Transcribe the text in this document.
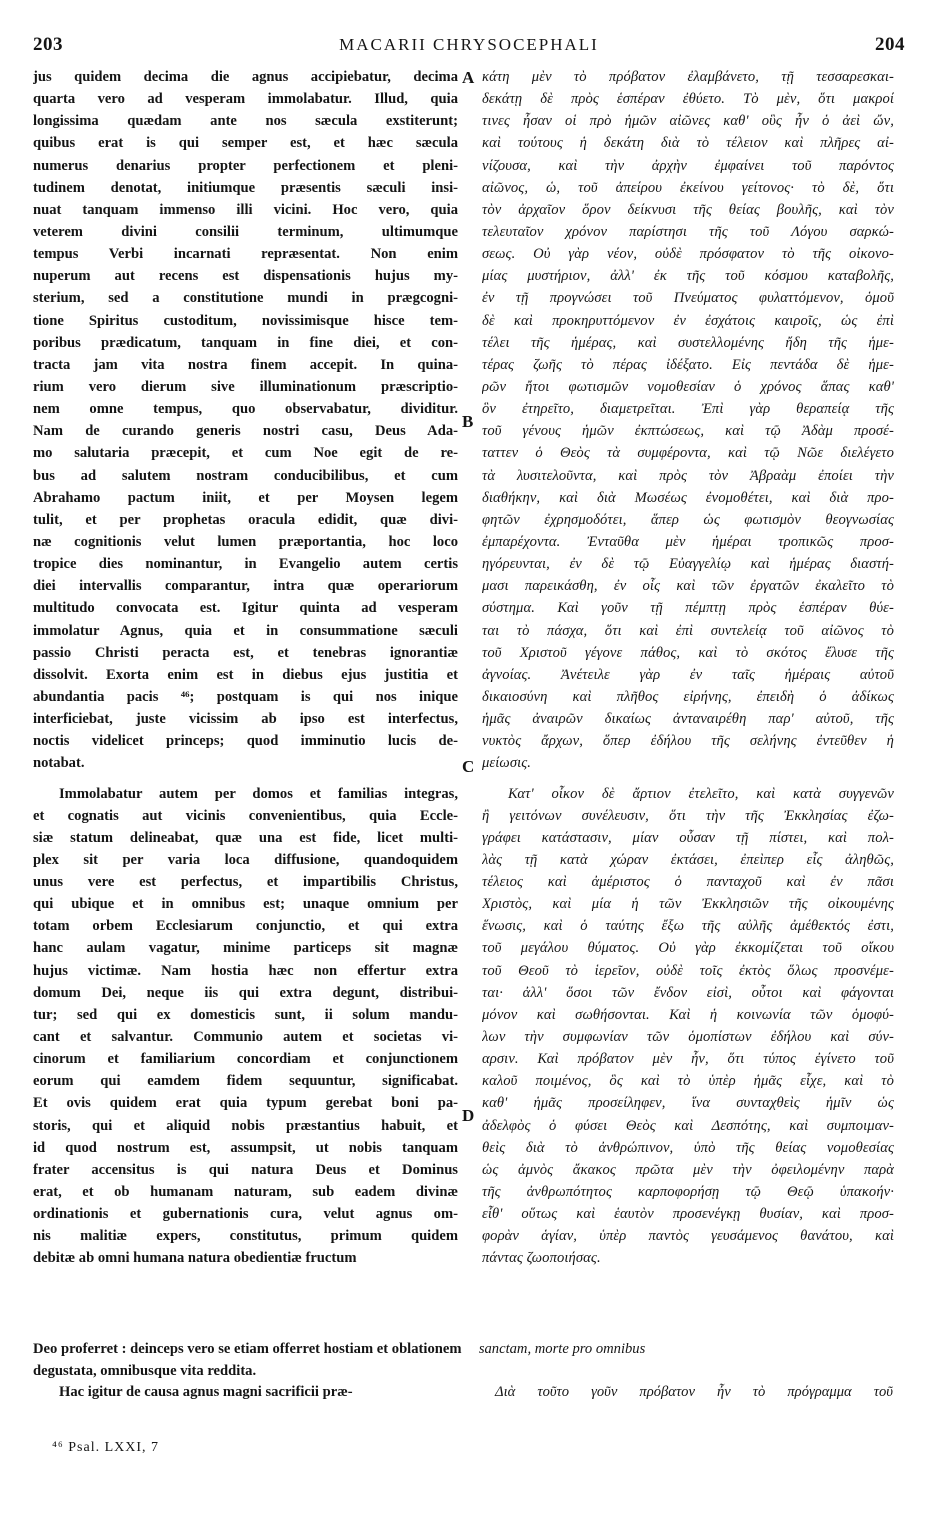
203	MACARII CHRYSOCEPHALI	204
jus quidem decima die agnus accipiebatur, decima
quarta vero ad vesperam immolabatur. Illud, quia
longissima quædam ante nos sæcula exstiterunt;
quibus erat is qui semper est, et hæc sæcula
numerus denarius propter perfectionem et pleni-
tudinem denotat, initiumque præsentis sæculi insi-
nuat tanquam immenso illi vicini. Hoc vero, quia
veterem divini consilii terminum, ultimumque
tempus Verbi incarnati repræsentat. Non enim
nuperum aut recens est dispensationis hujus my-
sterium, sed a constitutione mundi in prægcogni-
tione Spiritus custoditum, novissimisque hisce tem-
poribus prædicatum, tanquam in fine diei, et con-
tracta jam vita nostra finem accepit. In quina-
rium vero dierum sive illuminationum præscriptio-
nem omne tempus, quo observabatur, dividitur.
Nam de curando generis nostri casu, Deus Ada-
mo salutaria præcepit, et cum Noe egit de re-
bus ad salutem nostram conducibilibus, et cum
Abrahamo pactum iniit, et per Moysen legem
tulit, et per prophetas oracula edidit, quæ divi-
næ cognitionis velut lumen præportantia, hoc loco
tropice dies nominantur, in Evangelio autem certis
diei intervallis comparantur, intra quæ operariorum
multitudo convocata est. Igitur quinta ad vesperam
immolatur Agnus, quia et in consummatione sæculi
passio Christi peracta est, et tenebras ignorantiæ
dissolvit. Exorta enim est in diebus ejus justitia et
abundantia pacis ⁴⁶; postquam is qui nos inique
interficiebat, juste vicissim ab ipso est interfectus,
noctis videlicet princeps; quod imminutio lucis de-
notabat.
Immolabatur autem per domos et familias integras,
et cognatis aut vicinis convenientibus, quia Eccle-
siæ statum delineabat, quæ una est fide, licet multi-
plex sit per varia loca diffusione, quandoquidem
unus vere est perfectus, et impartibilis Christus,
qui ubique et in omnibus est; unaque omnium per
totam orbem Ecclesiarum conjunctio, et qui extra
hanc aulam vagatur, minime particeps sit magnæ
hujus victimæ. Nam hostia hæc non effertur extra
domum Dei, neque iis qui extra degunt, distribui-
tur; sed qui ex domesticis sunt, ii solum mandu-
cant et salvantur. Communio autem et societas vi-
cinorum et familiarium concordiam et conjunctionem
eorum qui eamdem fidem sequuntur, significabat.
Et ovis quidem erat quia typum gerebat boni pa-
storis, qui et aliquid nobis præstantius habuit, et
id quod nostrum est, assumpsit, ut nobis tanquam
frater accensitus is qui natura Deus et Dominus
erat, et ob humanam naturam, sub eadem divinæ
ordinationis et gubernationis cura, velut agnus om-
nis malitiæ expers, constitutus, primum quidem
debitæ ab omni humana natura obedientiæ fructum
κάτη μὲν τὸ πρόβατον ἐλαμβάνετο, τῇ τεσσαρεσκαι-
δεκάτῃ δὲ πρὸς ἑσπέραν ἐθύετο. Τὸ μὲν, ὅτι μακροί
τινες ἦσαν οἱ πρὸ ἡμῶν αἰῶνες καθ' οὓς ἦν ὁ ἀεὶ ὤν,
καὶ τούτους ἡ δεκάτη διὰ τὸ τέλειον καὶ πλῆρες αἰ-
νίζουσα, καὶ τὴν ἀρχὴν ἐμφαίνει τοῦ παρόντος
αἰῶνος, ὡ, τοῦ ἀπείρου ἐκείνου γείτονος· τὸ δὲ, ὅτι
τὸν ἀρχαῖον ὅρον δείκνυσι τῆς θείας βουλῆς, καὶ τὸν
τελευταῖον χρόνον παρίστησι τῆς τοῦ Λόγου σαρκώ-
σεως. Οὐ γὰρ νέον, οὐδὲ πρόσφατον τὸ τῆς οἰκονο-
μίας μυστήριον, ἀλλ' ἐκ τῆς τοῦ κόσμου καταβολῆς,
ἐν τῇ προγνώσει τοῦ Πνεύματος φυλαττόμενον, ὁμοῦ
δὲ καὶ προκηρυττόμενον ἐν ἐσχάτοις καιροῖς, ὡς ἐπὶ
τέλει τῆς ἡμέρας, καὶ συστελλομένης ἤδη τῆς ἡμε-
τέρας ζωῆς τὸ πέρας ἰδέξατο. Εἰς πεντάδα δὲ ἡμε-
ρῶν ἤτοι φωτισμῶν νομοθεσίαν ὁ χρόνος ἅπας καθ'
ὃν ἐτηρεῖτο, διαμετρεῖται. Ἐπὶ γὰρ θεραπείᾳ τῆς
τοῦ γένους ἡμῶν ἐκπτώσεως, καὶ τῷ Ἀδὰμ προσέ-
ταττεν ὁ Θεὸς τὰ συμφέροντα, καὶ τῷ Νῶε διελέγετο
τὰ λυσιτελοῦντα, καὶ πρὸς τὸν Ἀβραὰμ ἐποίει τὴν
διαθήκην, καὶ διὰ Μωσέως ἐνομοθέτει, καὶ διὰ προ-
φητῶν ἐχρησμοδότει, ἅπερ ὡς φωτισμὸν θεογνωσίας
ἐμπαρέχοντα. Ἐνταῦθα μὲν ἡμέραι τροπικῶς προσ-
ηγόρευνται, ἐν δὲ τῷ Εὐαγγελίῳ καὶ ἡμέρας διαστή-
μασι παρεικάσθη, ἐν οἷς καὶ τῶν ἐργατῶν ἐκαλεῖτο τὸ
σύστημα. Καὶ γοῦν τῇ πέμπτῃ πρὸς ἑσπέραν θύε-
ται τὸ πάσχα, ὅτι καὶ ἐπὶ συντελείᾳ τοῦ αἰῶνος τὸ
τοῦ Χριστοῦ γέγονε πάθος, καὶ τὸ σκότος ἔλυσε τῆς
ἀγνοίας. Ἀνέτειλε γὰρ ἐν ταῖς ἡμέραις αὐτοῦ
δικαιοσύνη καὶ πλῆθος εἰρήνης, ἐπειδὴ ὁ ἀδίκως
ἡμᾶς ἀναιρῶν δικαίως ἀνταναιρέθη παρ' αὐτοῦ, τῆς
νυκτὸς ἄρχων, ὅπερ ἐδήλου τῆς σελήνης ἐντεῦθεν ἡ
μείωσις.
Κατ' οἶκον δὲ ἄρτιον ἐτελεῖτο, καὶ κατὰ συγγενῶν
ἢ γειτόνων συνέλευσιν, ὅτι τὴν τῆς Ἐκκλησίας ἐζω-
γράφει κατάστασιν, μίαν οὖσαν τῇ πίστει, καὶ πολ-
λὰς τῇ κατὰ χώραν ἐκτάσει, ἐπεὶπερ εἷς ἀληθῶς,
τέλειος καὶ ἀμέριστος ὁ πανταχοῦ καὶ ἐν πᾶσι
Χριστὸς, καὶ μία ἡ τῶν Ἐκκλησιῶν τῆς οἰκουμένης
ἕνωσις, καὶ ὁ ταύτης ἔξω τῆς αὐλῆς ἀμέθεκτός ἐστι,
τοῦ μεγάλου θύματος. Οὐ γὰρ ἐκκομίζεται τοῦ οἴκου
τοῦ Θεοῦ τὸ ἱερεῖον, οὐδὲ τοῖς ἐκτὸς ὅλως προσνέμε-
ται· ἀλλ' ὅσοι τῶν ἔνδον εἰσὶ, οὗτοι καὶ φάγονται
μόνον καὶ σωθήσονται. Καὶ ἡ κοινωνία τῶν ὁμοφύ-
λων τὴν συμφωνίαν τῶν ὁμοπίστων ἐδήλου καὶ σύν-
αρσιν. Καὶ πρόβατον μὲν ἦν, ὅτι τύπος ἐγίνετο τοῦ
καλοῦ ποιμένος, ὃς καὶ τὸ ὑπὲρ ἡμᾶς εἶχε, καὶ τὸ
καθ' ἡμᾶς προσείληφεν, ἵνα συνταχθεὶς ἡμῖν ὡς
ἀδελφὸς ὁ φύσει Θεὸς καὶ Δεσπότης, καὶ συμποιμαν-
θεὶς διὰ τὸ ἀνθρώπινον, ὑπὸ τῆς θείας νομοθεσίας
ὡς ἀμνὸς ἄκακος πρῶτα μὲν τὴν ὀφειλομένην παρὰ
τῆς ἀνθρωπότητος καρποφορήσῃ τῷ Θεῷ ὑπακοήν·
εἶθ' οὕτως καὶ ἑαυτὸν προσενέγκῃ θυσίαν, καὶ προσ-
φορὰν ἁγίαν, ὑπὲρ παντὸς γευσάμενος θανάτου, καὶ
πάντας ζωοποιήσας.
A
B
C
D
Deo proferret : deinceps vero se etiam offerret hostiam et oblationem sanctam, morte pro omnibus
degustata, omnibusque vita reddita.
Hac igitur de causa agnus magni sacrificii præ-	Διὰ τοῦτο γοῦν πρόβατον ἦν τὸ πρόγραμμα τοῦ
⁴⁶ Psal. LXXI, 7
